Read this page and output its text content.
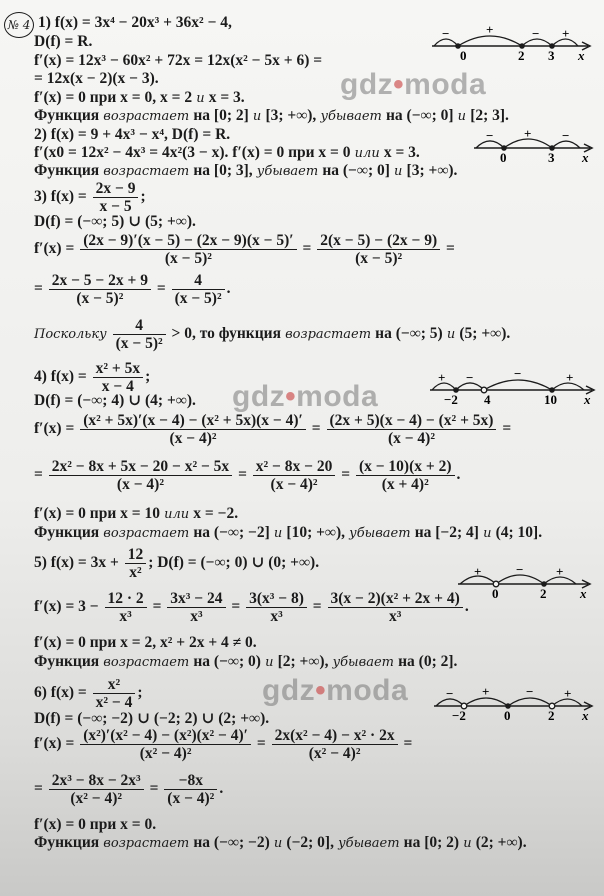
№ 4 1) f(x) = 3x⁴ − 20x³ + 36x² − 4,
D(f) = R.
f′(x) = 12x³ − 60x² + 72x = 12x(x² − 5x + 6) =
= 12x(x − 2)(x − 3).
f′(x) = 0 при x = 0, x = 2 и x = 3.
Функция возрастает на [0; 2] и [3; +∞), убывает на (−∞; 0] и [2; 3].
2) f(x) = 9 + 4x³ − x⁴, D(f) = R.
f′(x0 = 12x² − 4x³ = 4x²(3 − x). f′(x) = 0 при x = 0 или x = 3.
Функция возрастает на [0; 3], убывает на (−∞; 0] и [3; +∞).
3) $f(x) = \frac{2x - 9}{x - 5}$ ;
D(f) = (−∞; 5) ∪ (5; +∞).
$f'(x) = \frac{(2x - 9)'(x - 5) - (2x - 9)(x - 5)'}{\text{(x − 5)²}} = \frac{2(x - 5) - (2x - 9)}{\text{(x − 5)²}}$ =
= $\frac{2x - 5 - 2x + 9}{\text{(x − 5)²}} = \frac{4}{\text{(x − 5)²}}$ .
Поскольку $\frac{4}{\text{(x − 5)²}} > 0$, то функция возрастает на (−∞; 5) и (5; +∞).
4) $f(x) = \frac{\text{x² + 5x}}{x - 4}$ ;
D(f) = (−∞; 4) ∪ (4; +∞).
$f'(x) = \frac{\text{(x² + 5x)′(x − 4) − (x² + 5x)(x − 4)′}}{\text{(x − 4)²}} = \frac{\text{(2x + 5)(x − 4) − (x² + 5x)}}{\text{(x − 4)²}}$ =
= $\frac{\text{2x² − 8x + 5x − 20 − x² − 5x}}{\text{(x − 4)²}} = \frac{\text{x² − 8x − 20}}{\text{(x − 4)²}} = \frac{(x - 10)(x + 2)}{\text{(x + 4)²}}$ .
f′(x) = 0 при x = 10 или x = −2.
Функция возрастает на (−∞; −2] и [10; +∞), убывает на [−2; 4] и (4; 10].
5) $f(x) = 3x + \frac{12}{\text{x²}}$ ; D(f) = (−∞; 0) ∪ (0; +∞).
$f'(x) = 3 - \frac{12 \cdot 2}{\text{x³}} = \frac{\text{3x³ − 24}}{\text{x³}} = \frac{\text{3(x³ − 8)}}{\text{x³}} = \frac{\text{3(x − 2)(x² + 2x + 4)}}{\text{x³}}$ .
f′(x) = 0 при x = 2, x² + 2x + 4 ≠ 0.
Функция возрастает на (−∞; 0) и [2; +∞), убывает на (0; 2].
6) $f(x) = \frac{\text{x²}}{\text{x² − 4}}$ ;
D(f) = (−∞; −2) ∪ (−2; 2) ∪ (2; +∞).
$f'(x) = \frac{\text{(x²)′(x² − 4) − (x²)(x² − 4)′}}{\text{(x² − 4)²}} = \frac{\text{2x(x² − 4) − x² · 2x}}{\text{(x² − 4)²}}$ =
= $\frac{\text{2x³ − 8x − 2x³}}{\text{(x² − 4)²}} = \frac{-8x}{\text{(x − 4)²}}$ .
f′(x) = 0 при x = 0.
Функция возрастает на (−∞; −2) и (−2; 0], убывает на [0; 2) и (2; +∞).
gdz•moda
gdz•moda
gdz•moda
−	+	− +
0	2 3 x
− + −
0	3 x
+ −	−	+
−2 4	10 x
+	−	+
0	2	x
− +	− +
−2	0	2 x
